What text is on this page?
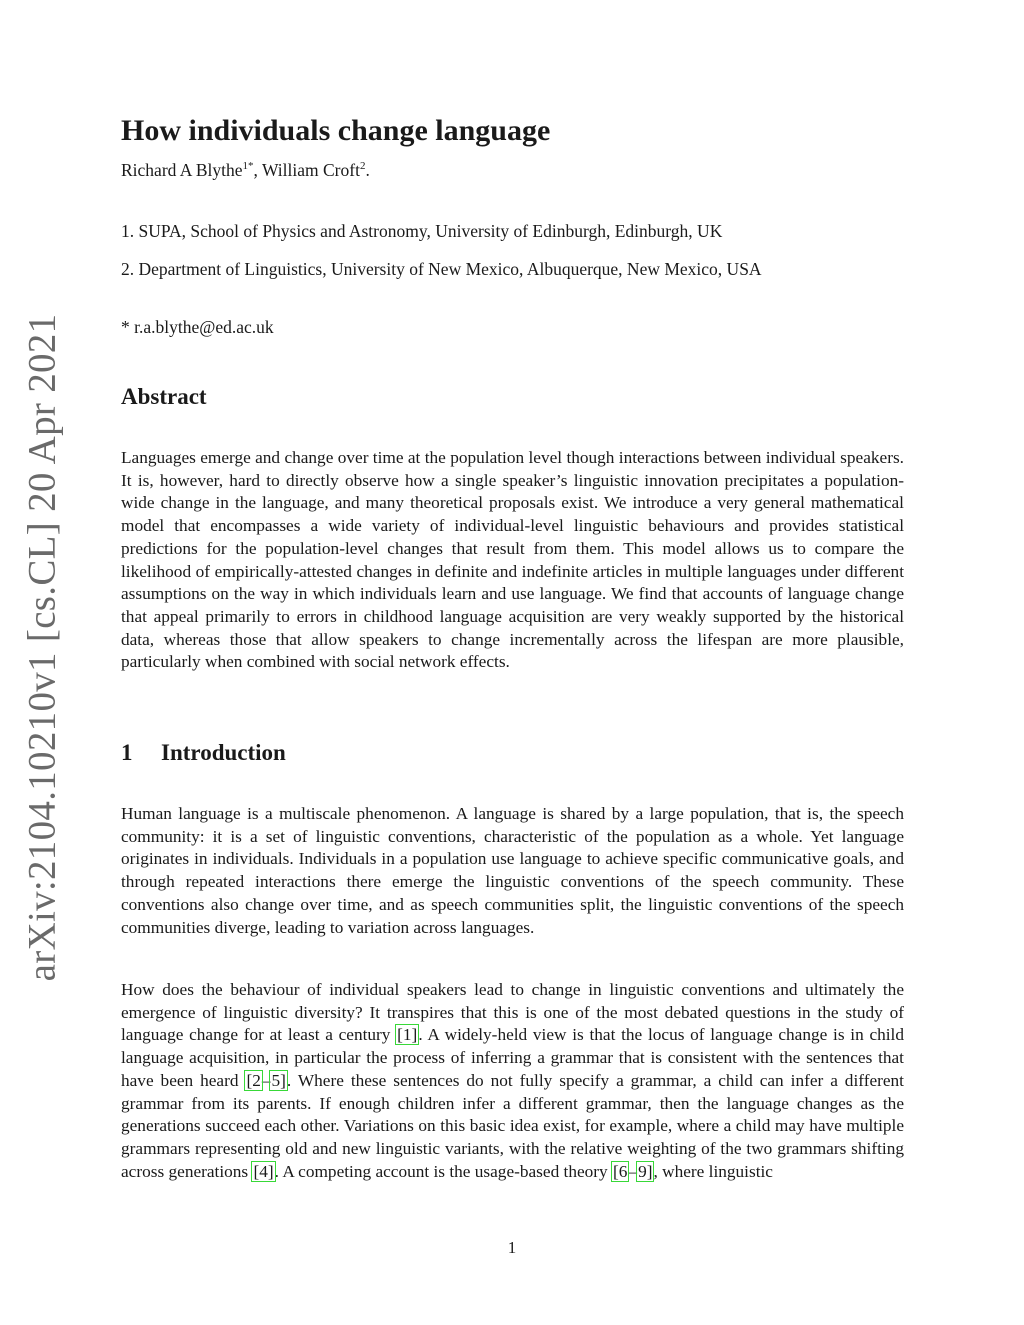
arXiv:2104.10210v1 [cs.CL] 20 Apr 2021
How individuals change language

Richard A Blythe$^{1*}$, William Croft$^2$.

1. SUPA, School of Physics and Astronomy, University of Edinburgh, Edinburgh, UK

2. Department of Linguistics, University of New Mexico, Albuquerque, New Mexico, USA

* r.a.blythe@ed.ac.uk

Abstract

Languages emerge and change over time at the population level though interactions between individual speakers. It is, however, hard to directly observe how a single speaker’s linguistic innovation precipitates a population-wide change in the language, and many theoretical proposals exist. We introduce a very general mathematical model that encompasses a wide variety of individual-level linguistic behaviours and provides statistical predictions for the population-level changes that result from them. This model allows us to compare the likelihood of empirically-attested changes in definite and indefinite articles in multiple languages under different assumptions on the way in which individuals learn and use language. We find that accounts of language change that appeal primarily to errors in childhood language acquisition are very weakly supported by the historical data, whereas those that allow speakers to change incrementally across the lifespan are more plausible, particularly when combined with social network effects.

1 Introduction

Human language is a multiscale phenomenon. A language is shared by a large population, that is, the speech community: it is a set of linguistic conventions, characteristic of the population as a whole. Yet language originates in individuals. Individuals in a population use language to achieve specific communicative goals, and through repeated interactions there emerge the linguistic conventions of the speech community. These conventions also change over time, and as speech communities split, the linguistic conventions of the speech communities diverge, leading to variation across languages.

How does the behaviour of individual speakers lead to change in linguistic conventions and ultimately the emergence of linguistic diversity? It transpires that this is one of the most debated questions in the study of language change for at least a century [1]. A widely-held view is that the locus of language change is in child language acquisition, in particular the process of inferring a grammar that is consistent with the sentences that have been heard [2–5]. Where these sentences do not fully specify a grammar, a child can infer a different grammar from its parents. If enough children infer a different grammar, then the language changes as the generations succeed each other. Variations on this basic idea exist, for example, where a child may have multiple grammars representing old and new linguistic variants, with the relative weighting of the two grammars shifting across generations [4]. A competing account is the usage-based theory [6–9], where linguistic

1
